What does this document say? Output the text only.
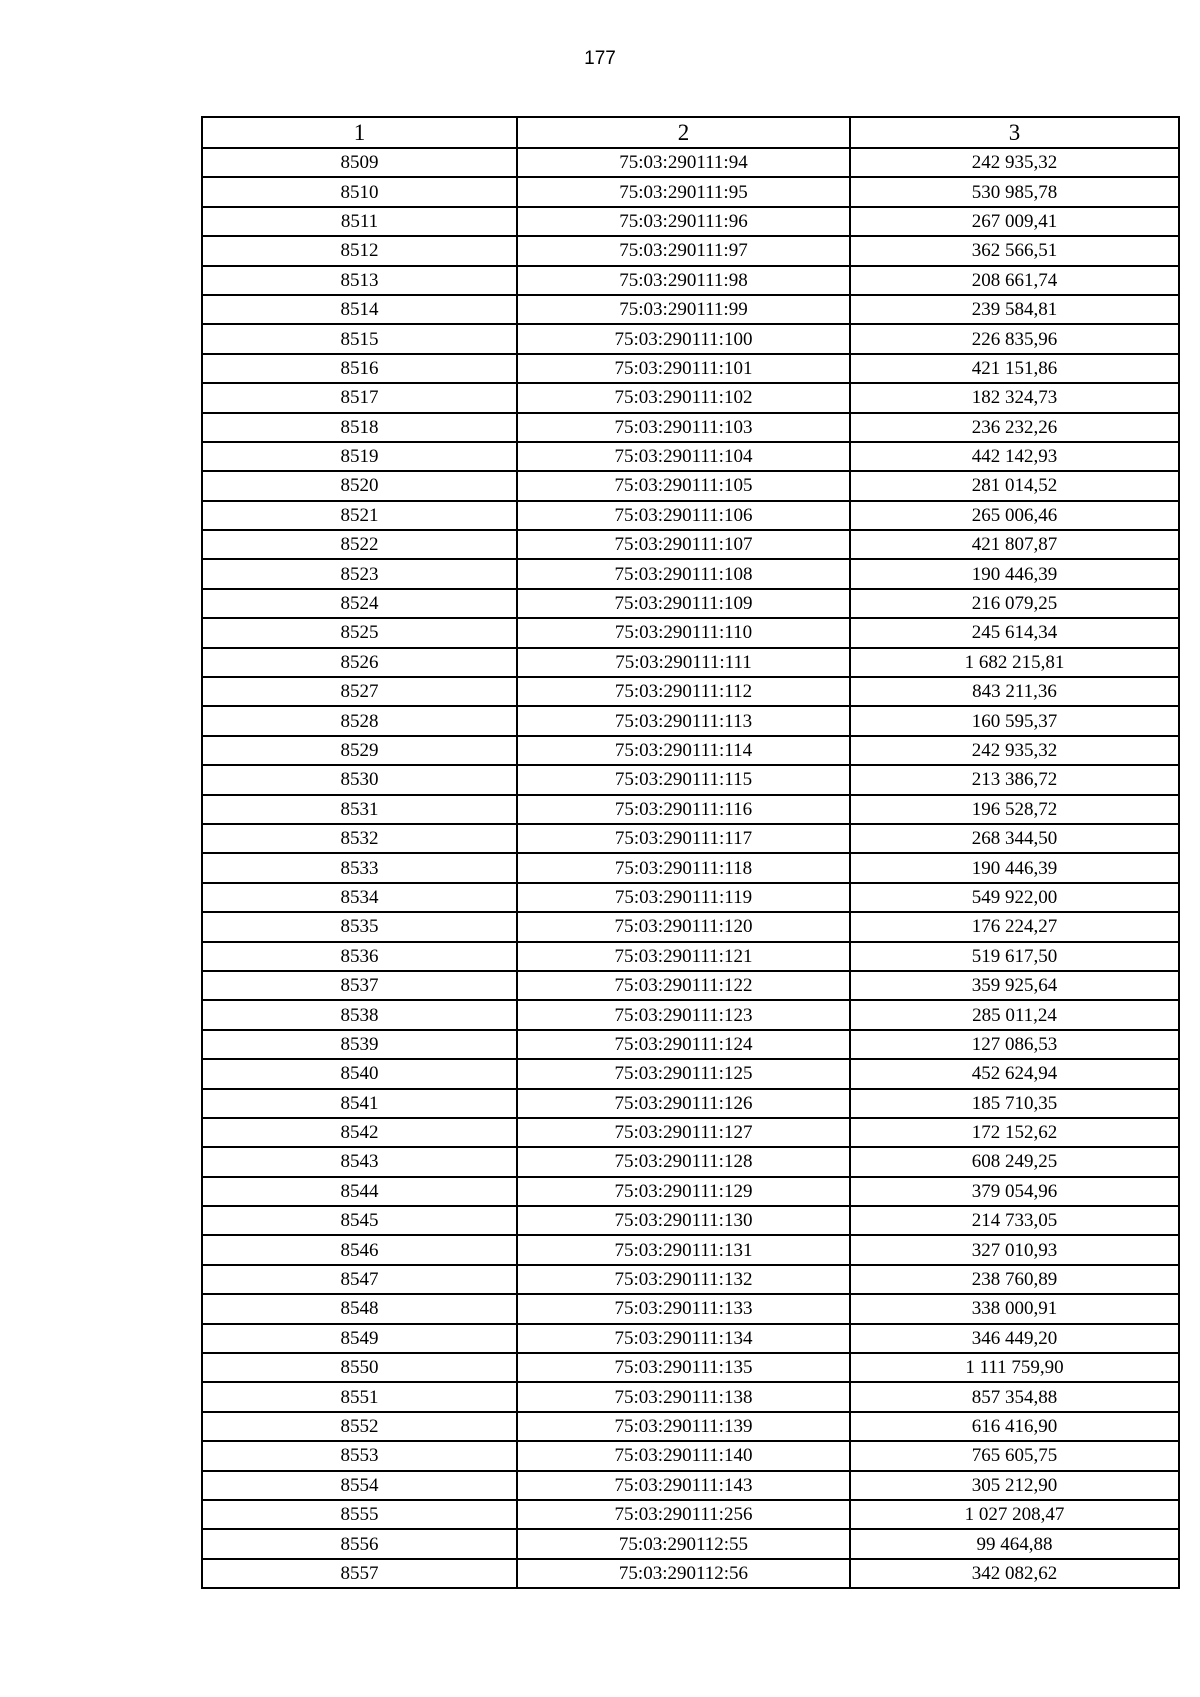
177
1	2	3
8509	75:03:290111:94	242 935,32
8510	75:03:290111:95	530 985,78
8511	75:03:290111:96	267 009,41
8512	75:03:290111:97	362 566,51
8513	75:03:290111:98	208 661,74
8514	75:03:290111:99	239 584,81
8515	75:03:290111:100	226 835,96
8516	75:03:290111:101	421 151,86
8517	75:03:290111:102	182 324,73
8518	75:03:290111:103	236 232,26
8519	75:03:290111:104	442 142,93
8520	75:03:290111:105	281 014,52
8521	75:03:290111:106	265 006,46
8522	75:03:290111:107	421 807,87
8523	75:03:290111:108	190 446,39
8524	75:03:290111:109	216 079,25
8525	75:03:290111:110	245 614,34
8526	75:03:290111:111	1 682 215,81
8527	75:03:290111:112	843 211,36
8528	75:03:290111:113	160 595,37
8529	75:03:290111:114	242 935,32
8530	75:03:290111:115	213 386,72
8531	75:03:290111:116	196 528,72
8532	75:03:290111:117	268 344,50
8533	75:03:290111:118	190 446,39
8534	75:03:290111:119	549 922,00
8535	75:03:290111:120	176 224,27
8536	75:03:290111:121	519 617,50
8537	75:03:290111:122	359 925,64
8538	75:03:290111:123	285 011,24
8539	75:03:290111:124	127 086,53
8540	75:03:290111:125	452 624,94
8541	75:03:290111:126	185 710,35
8542	75:03:290111:127	172 152,62
8543	75:03:290111:128	608 249,25
8544	75:03:290111:129	379 054,96
8545	75:03:290111:130	214 733,05
8546	75:03:290111:131	327 010,93
8547	75:03:290111:132	238 760,89
8548	75:03:290111:133	338 000,91
8549	75:03:290111:134	346 449,20
8550	75:03:290111:135	1 111 759,90
8551	75:03:290111:138	857 354,88
8552	75:03:290111:139	616 416,90
8553	75:03:290111:140	765 605,75
8554	75:03:290111:143	305 212,90
8555	75:03:290111:256	1 027 208,47
8556	75:03:290112:55	99 464,88
8557	75:03:290112:56	342 082,62
